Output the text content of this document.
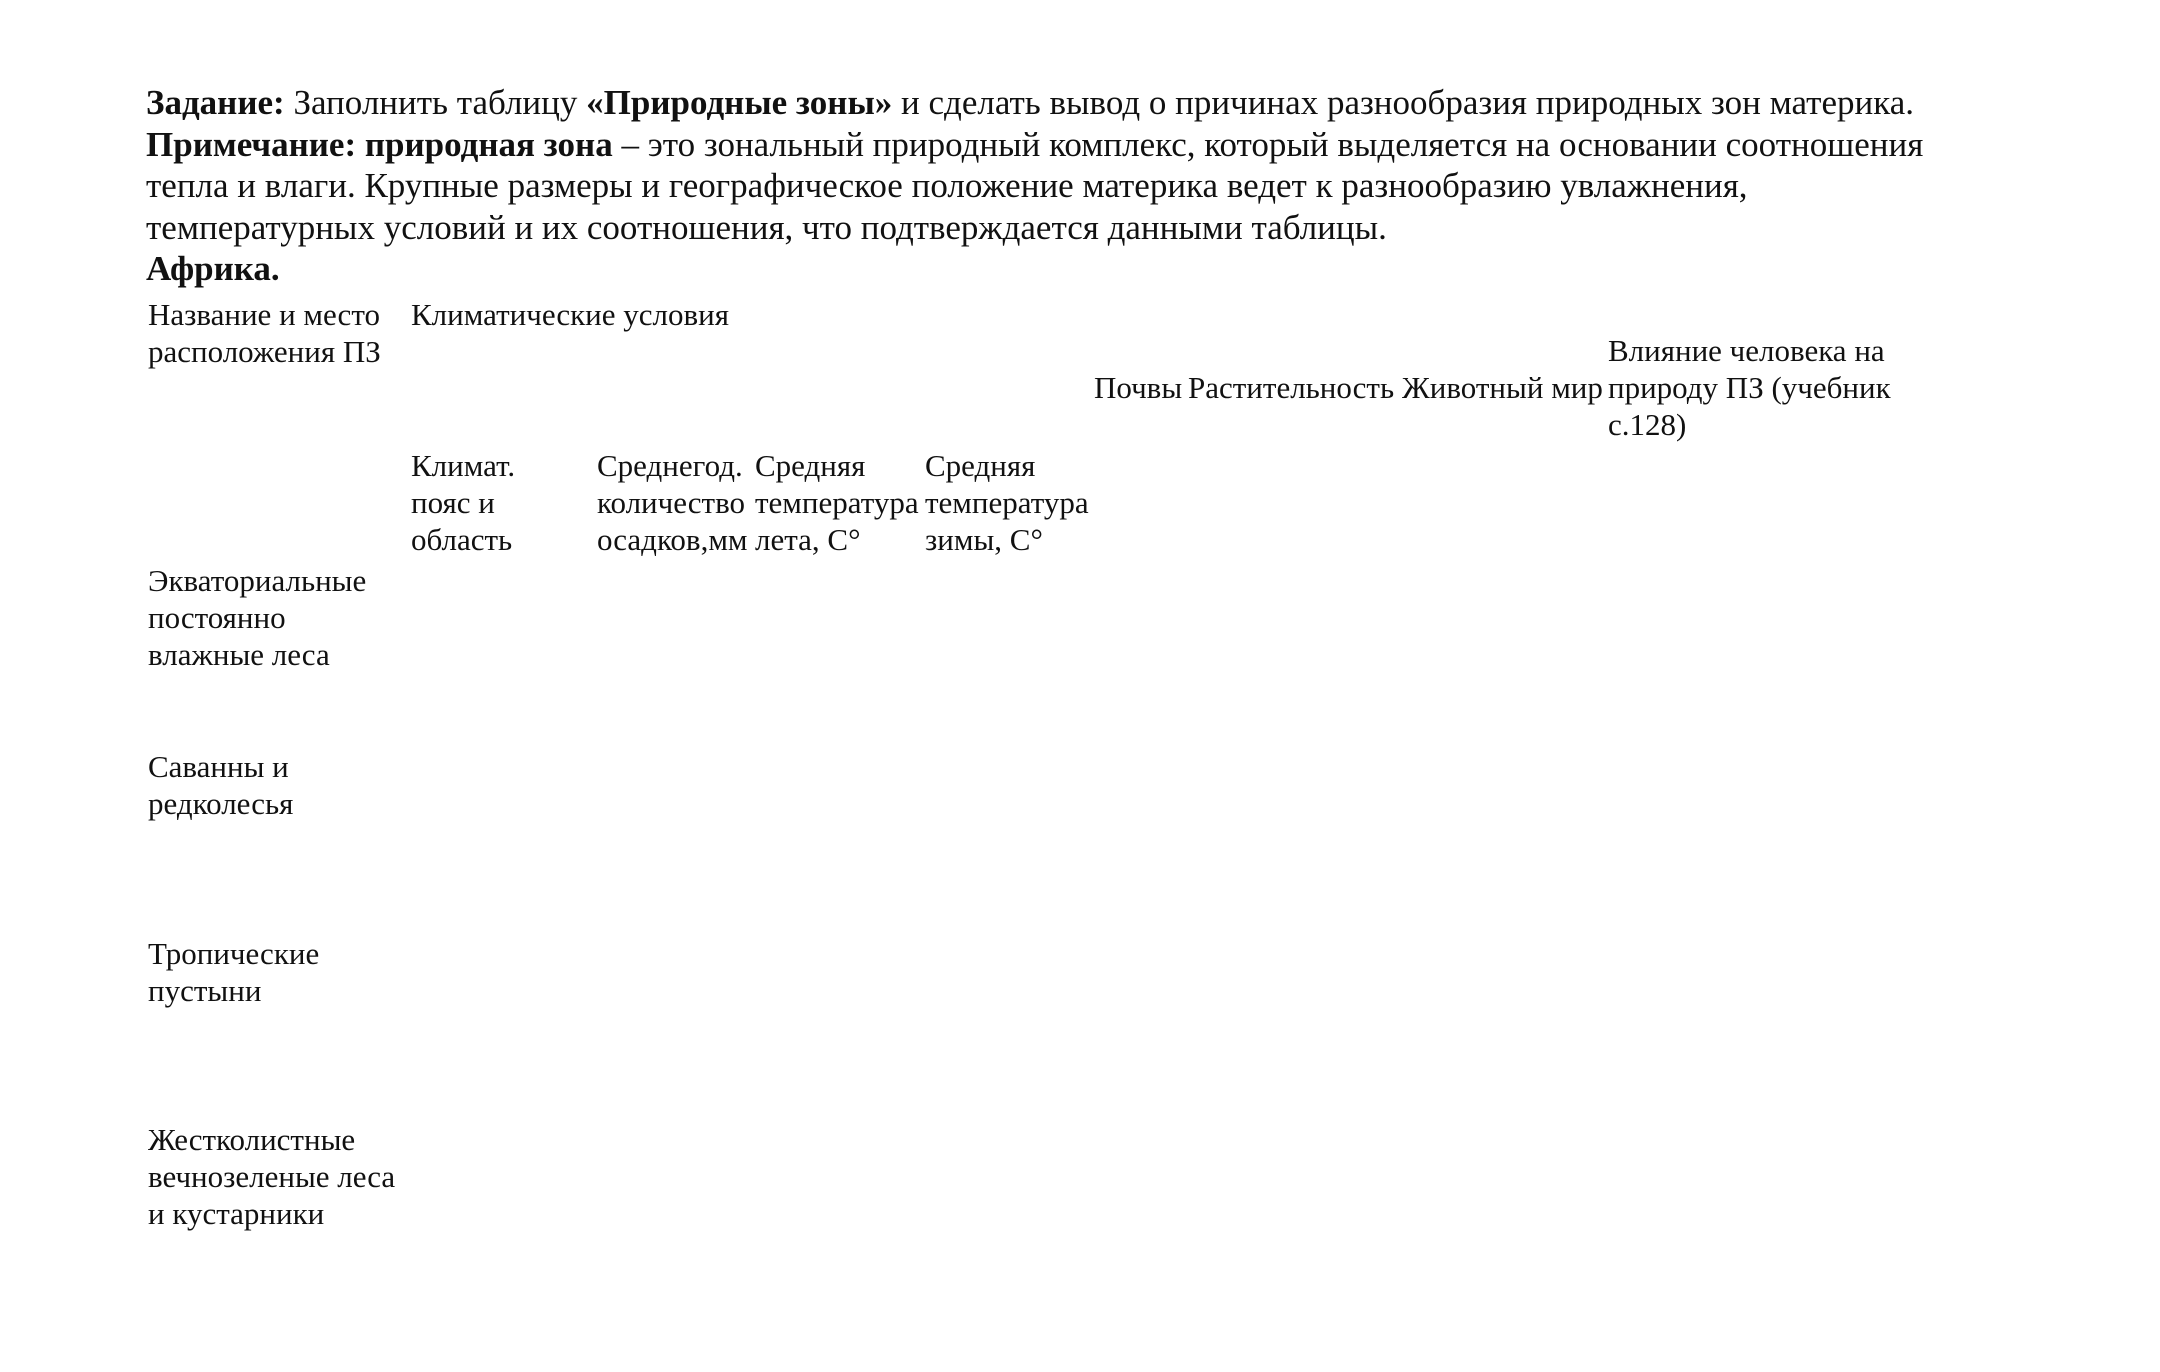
Задание: Заполнить таблицу «Природные зоны» и сделать вывод о причинах разнообразия природных зон материка.

Примечание: природная зона – это зональный природный комплекс, который выделяется на основании соотношения

тепла и влаги. Крупные размеры и географическое положение материка ведет к разнообразию увлажнения,

температурных условий и их соотношения, что подтверждается данными таблицы.

Африка.

Название и место
расположения ПЗ
Климатические условия
Почвы Растительность Животный мир
Влияние человека на
природу ПЗ (учебник
с.128)
Климат.
пояс и
область
Среднегод.
количество
осадков,мм
Средняя
температура
лета, С°
Средняя
температура
зимы, С°
Экваториальные
постоянно
влажные леса
Саванны и
редколесья
Тропические
пустыни
Жестколистные
вечнозеленые леса
и кустарники
